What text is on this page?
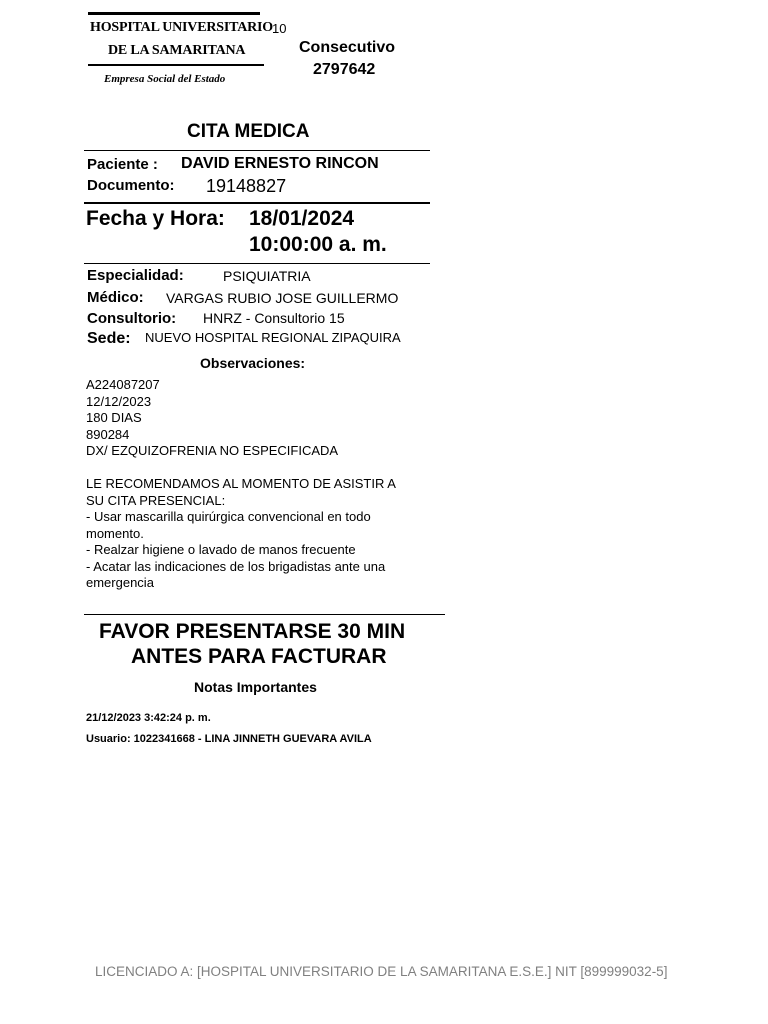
HOSPITAL UNIVERSITARIO
DE LA SAMARITANA
Empresa Social del Estado
10
Consecutivo
2797642
CITA MEDICA
Paciente : DAVID ERNESTO RINCON
Documento: 19148827
Fecha y Hora: 18/01/2024
10:00:00 a. m.
Especialidad:	PSIQUIATRIA
Médico: VARGAS RUBIO JOSE GUILLERMO
Consultorio: HNRZ - Consultorio 15
Sede: NUEVO HOSPITAL REGIONAL ZIPAQUIRA
Observaciones:
A224087207
12/12/2023
180 DIAS
890284
DX/ EZQUIZOFRENIA NO ESPECIFICADA
LE RECOMENDAMOS AL MOMENTO DE ASISTIR A
SU CITA PRESENCIAL:
- Usar mascarilla quirúrgica convencional en todo
momento.
- Realzar higiene o lavado de manos frecuente
- Acatar las indicaciones de los brigadistas ante una
emergencia
FAVOR PRESENTARSE 30 MIN
ANTES PARA FACTURAR
Notas Importantes
21/12/2023 3:42:24 p. m.
Usuario: 1022341668 - LINA JINNETH GUEVARA AVILA
LICENCIADO A: [HOSPITAL UNIVERSITARIO DE LA SAMARITANA E.S.E.] NIT [899999032-5]
